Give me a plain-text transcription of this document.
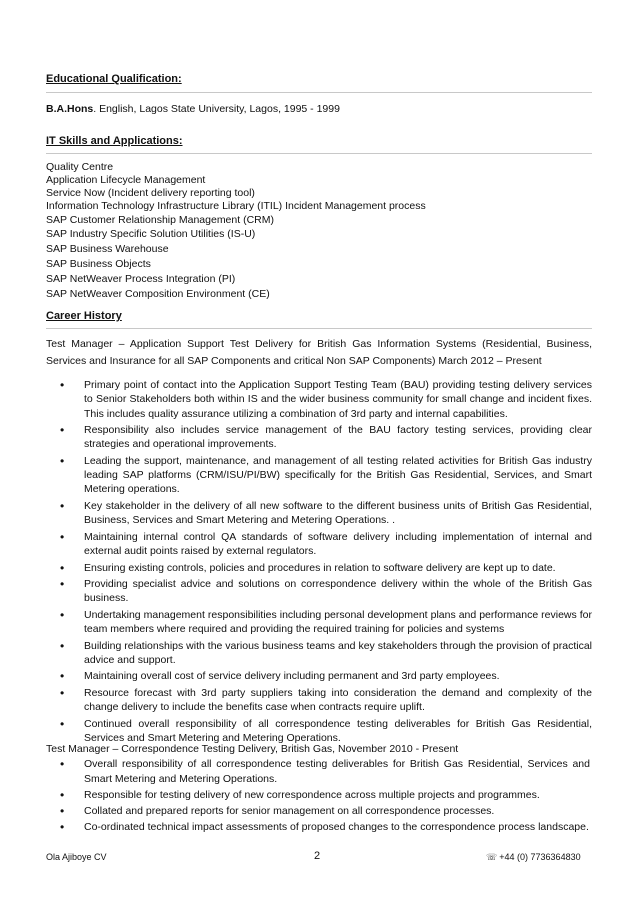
Educational Qualification:
B.A.Hons. English, Lagos State University, Lagos, 1995 - 1999
IT Skills and Applications:
Quality Centre
Application Lifecycle Management
Service Now (Incident delivery reporting tool)
Information Technology Infrastructure Library (ITIL) Incident Management process
SAP Customer Relationship Management (CRM)
SAP Industry Specific Solution Utilities (IS-U)
SAP Business Warehouse
SAP Business Objects
SAP NetWeaver Process Integration (PI)
SAP NetWeaver Composition Environment (CE)
Career History
Test Manager – Application Support Test Delivery for British Gas Information Systems (Residential, Business, Services and Insurance for all SAP Components and critical Non SAP Components) March 2012 – Present
• Primary point of contact into the Application Support Testing Team (BAU) providing testing delivery services to Senior Stakeholders both within IS and the wider business community for small change and incident fixes. This includes quality assurance utilizing a combination of 3rd party and internal capabilities.
• Responsibility also includes service management of the BAU factory testing services, providing clear strategies and operational improvements.
• Leading the support, maintenance, and management of all testing related activities for British Gas industry leading SAP platforms (CRM/ISU/PI/BW) specifically for the British Gas Residential, Services, and Smart Metering operations.
• Key stakeholder in the delivery of all new software to the different business units of British Gas Residential, Business, Services and Smart Metering and Metering Operations. .
• Maintaining internal control QA standards of software delivery including implementation of internal and external audit points raised by external regulators.
• Ensuring existing controls, policies and procedures in relation to software delivery are kept up to date.
• Providing specialist advice and solutions on correspondence delivery within the whole of the British Gas business.
• Undertaking management responsibilities including personal development plans and performance reviews for team members where required and providing the required training for policies and systems
• Building relationships with the various business teams and key stakeholders through the provision of practical advice and support.
• Maintaining overall cost of service delivery including permanent and 3rd party employees.
• Resource forecast with 3rd party suppliers taking into consideration the demand and complexity of the change delivery to include the benefits case when contracts require uplift.
• Continued overall responsibility of all correspondence testing deliverables for British Gas Residential, Services and Smart Metering and Metering Operations.
Test Manager – Correspondence Testing Delivery, British Gas, November 2010 - Present
• Overall responsibility of all correspondence testing deliverables for British Gas Residential, Services and Smart Metering and Metering Operations.
• Responsible for testing delivery of new correspondence across multiple projects and programmes.
• Collated and prepared reports for senior management on all correspondence processes.
• Co-ordinated technical impact assessments of proposed changes to the correspondence process landscape.
Ola Ajiboye CV	2	☏ +44 (0) 7736364830
